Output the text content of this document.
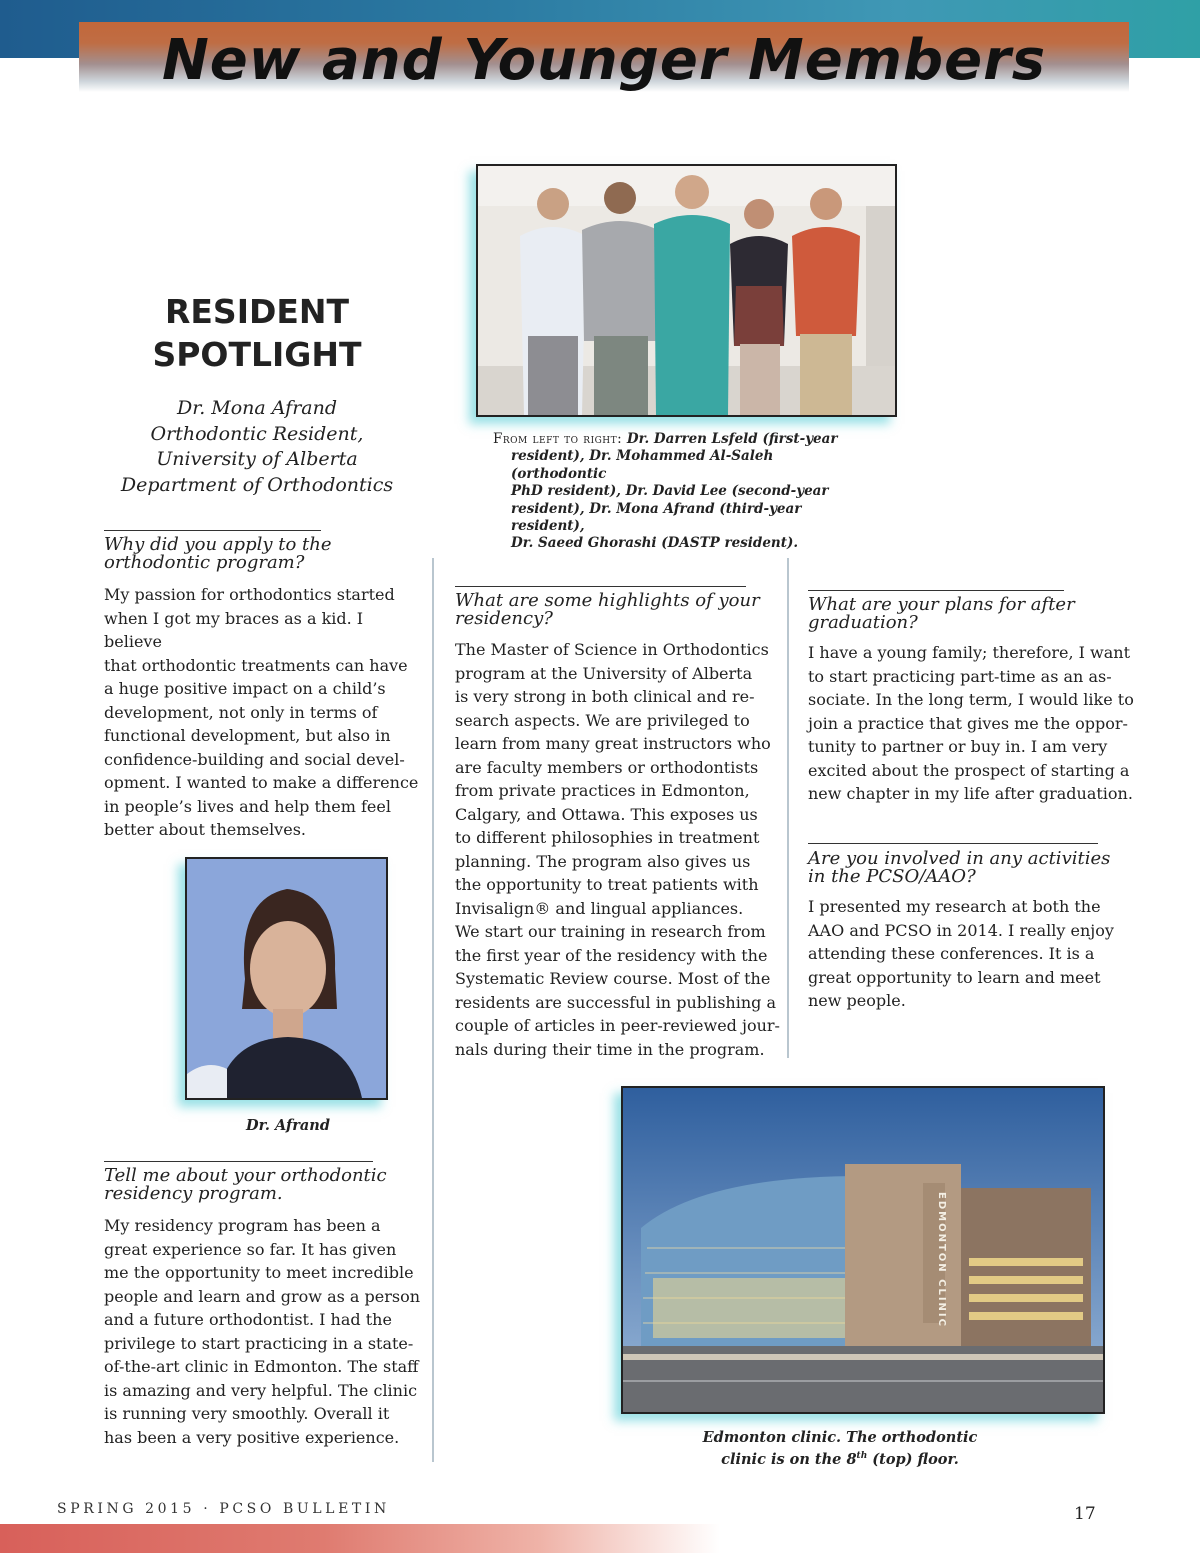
New and Younger Members
RESIDENT
SPOTLIGHT
Dr. Mona Afrand
Orthodontic Resident,
University of Alberta
Department of Orthodontics
From left to right: Dr. Darren Lsfeld (first-year
resident), Dr. Mohammed Al-Saleh (orthodontic
PhD resident), Dr. David Lee (second-year
resident), Dr. Mona Afrand (third-year resident),
Dr. Saeed Ghorashi (DASTP resident).
Why did you apply to the
orthodontic program?
My passion for orthodontics started
when I got my braces as a kid. I believe
that orthodontic treatments can have
a huge positive impact on a child’s
development, not only in terms of
functional development, but also in
confidence-building and social devel-
opment. I wanted to make a difference
in people’s lives and help them feel
better about themselves.
Dr. Afrand
Tell me about your orthodontic
residency program.
My residency program has been a
great experience so far. It has given
me the opportunity to meet incredible
people and learn and grow as a person
and a future orthodontist. I had the
privilege to start practicing in a state-
of-the-art clinic in Edmonton. The staff
is amazing and very helpful. The clinic
is running very smoothly. Overall it
has been a very positive experience.
What are some highlights of your
residency?
The Master of Science in Orthodontics
program at the University of Alberta
is very strong in both clinical and re-
search aspects. We are privileged to
learn from many great instructors who
are faculty members or orthodontists
from private practices in Edmonton,
Calgary, and Ottawa. This exposes us
to different philosophies in treatment
planning. The program also gives us
the opportunity to treat patients with
Invisalign® and lingual appliances.
We start our training in research from
the first year of the residency with the
Systematic Review course. Most of the
residents are successful in publishing a
couple of articles in peer-reviewed jour-
nals during their time in the program.
What are your plans for after
graduation?
I have a young family; therefore, I want
to start practicing part-time as an as-
sociate. In the long term, I would like to
join a practice that gives me the oppor-
tunity to partner or buy in. I am very
excited about the prospect of starting a
new chapter in my life after graduation.
Are you involved in any activities
in the PCSO/AAO?
I presented my research at both the
AAO and PCSO in 2014. I really enjoy
attending these conferences. It is a
great opportunity to learn and meet
new people.
EDMONTON CLINIC
Edmonton clinic. The orthodontic
clinic is on the 8th (top) floor.
SPRING 2015 · PCSO BULLETIN	17
